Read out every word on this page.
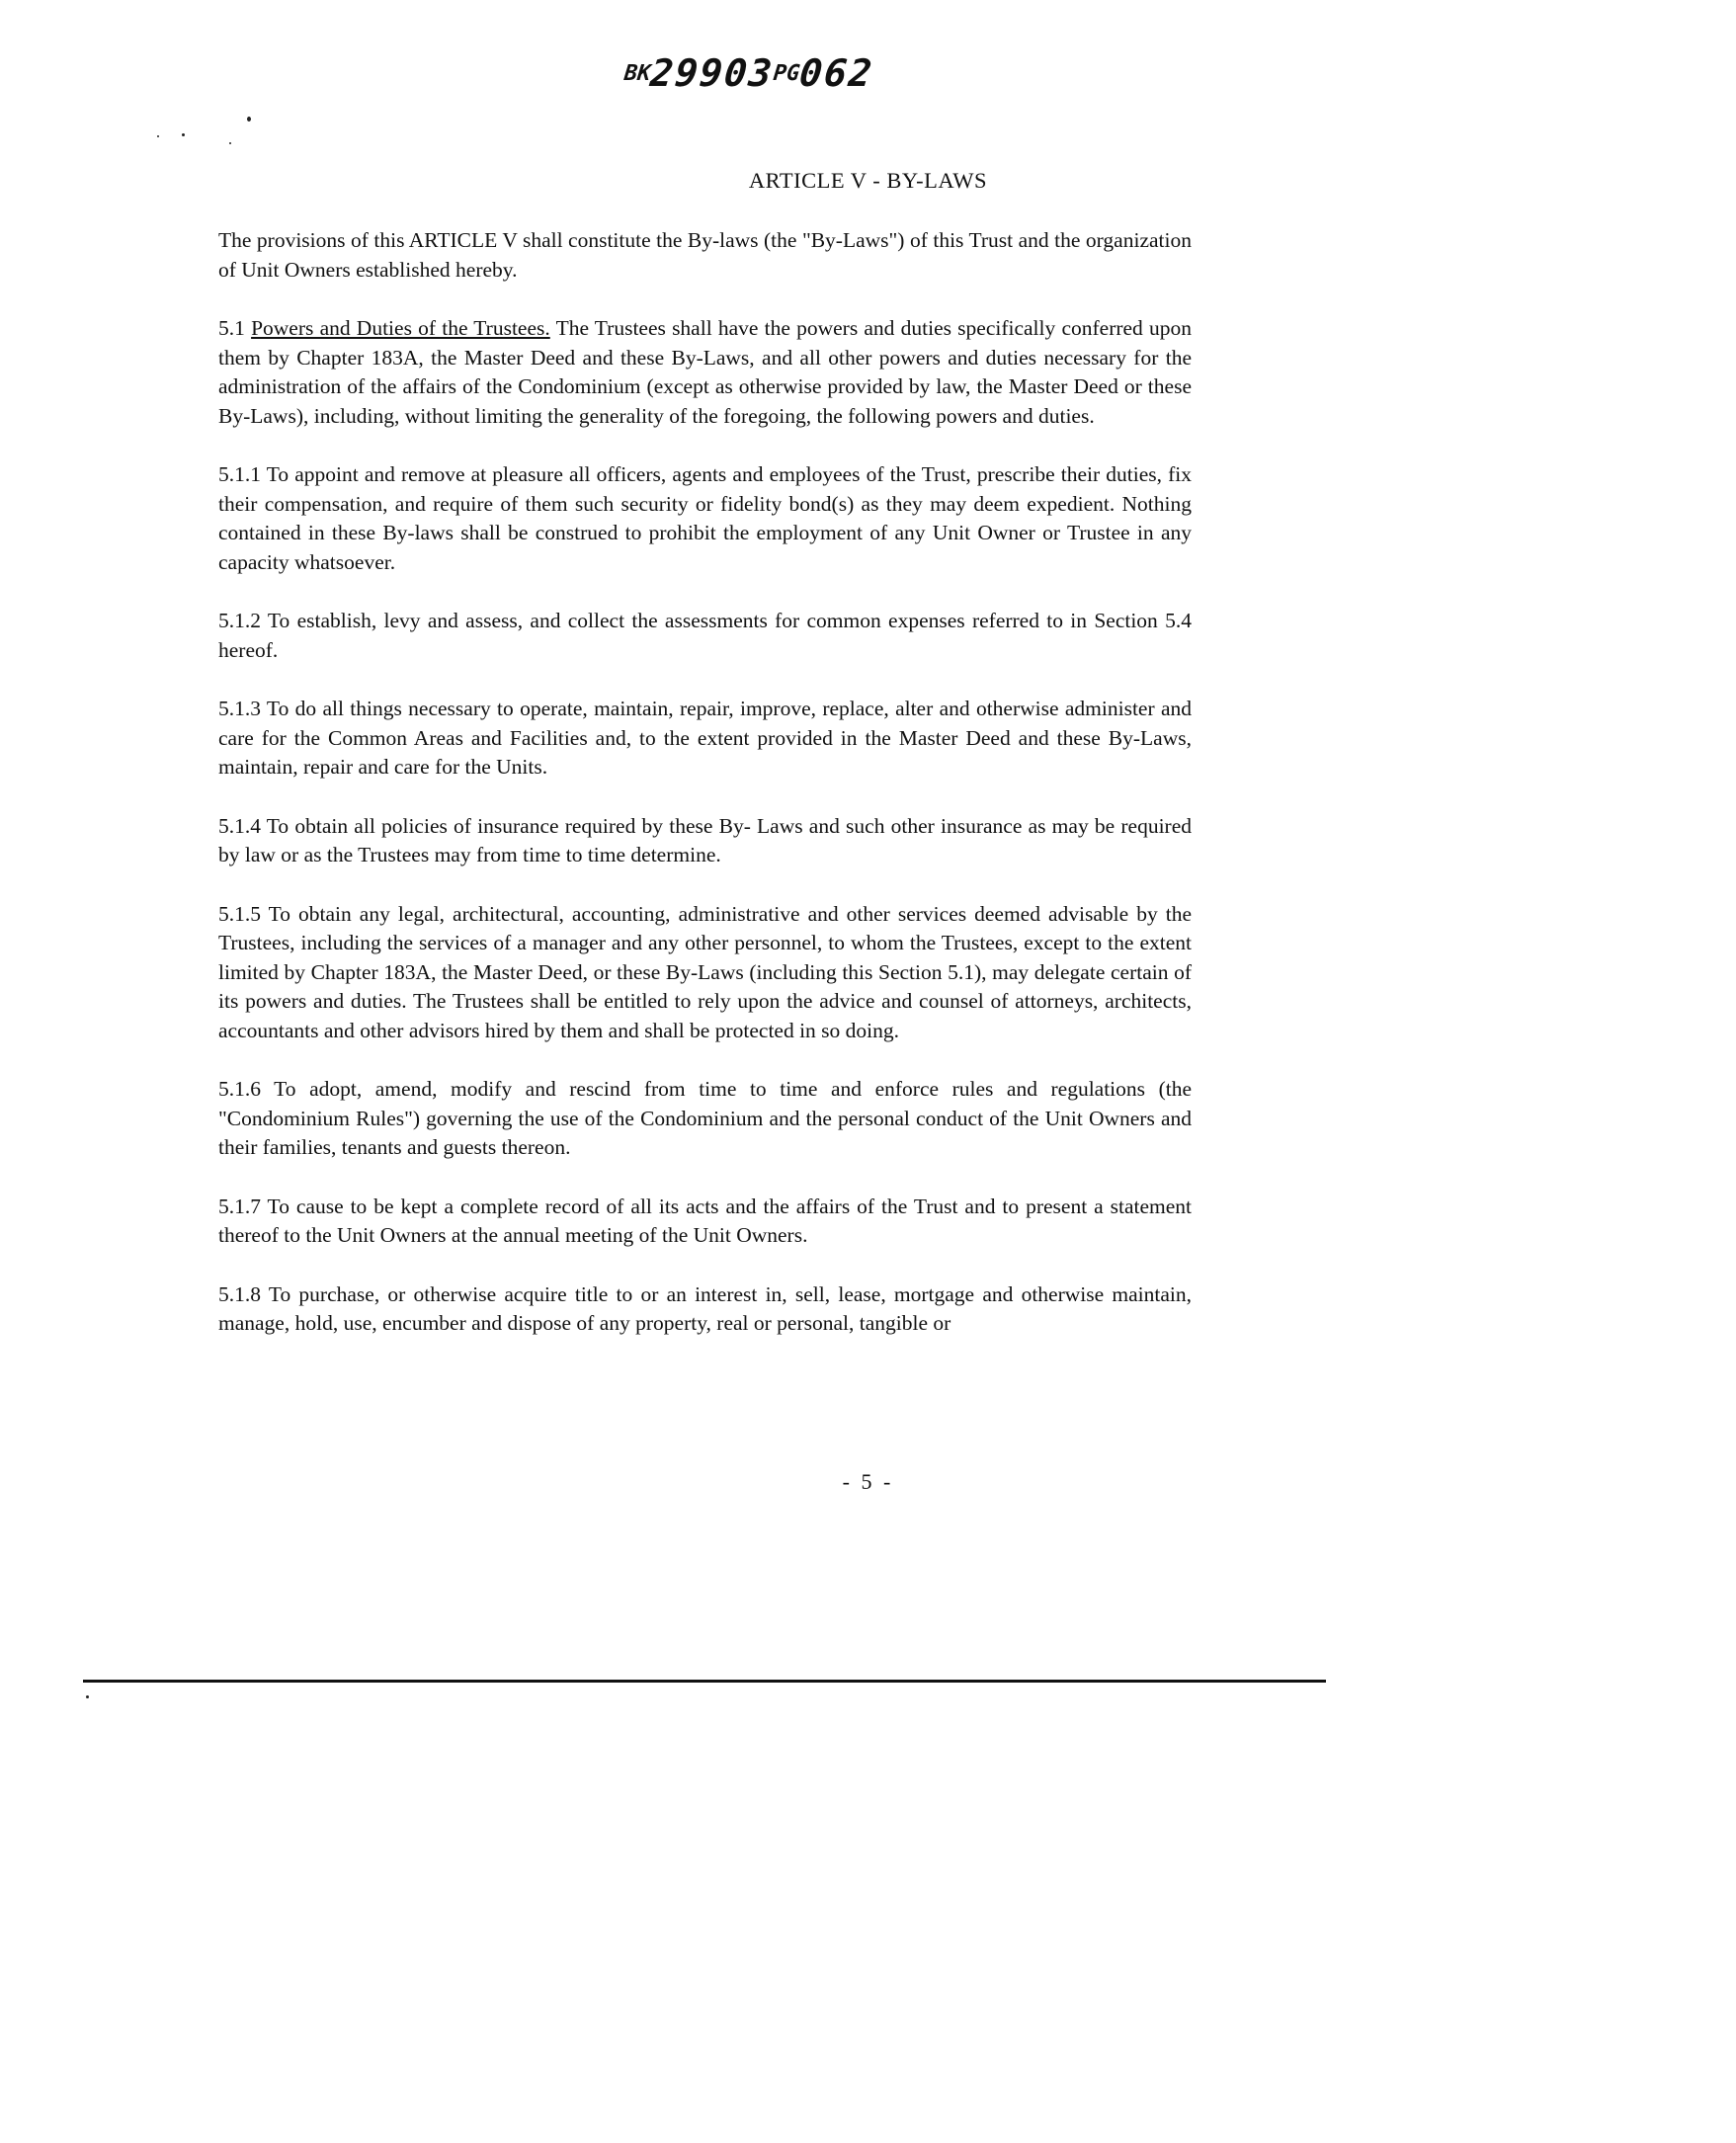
BK29903PG062
ARTICLE V - BY-LAWS

The provisions of this ARTICLE V shall constitute the By-laws (the "By-Laws") of this Trust and the organization of Unit Owners established hereby.

5.1 Powers and Duties of the Trustees. The Trustees shall have the powers and duties specifically conferred upon them by Chapter 183A, the Master Deed and these By-Laws, and all other powers and duties necessary for the administration of the affairs of the Condominium (except as otherwise provided by law, the Master Deed or these By-Laws), including, without limiting the generality of the foregoing, the following powers and duties.

5.1.1 To appoint and remove at pleasure all officers, agents and employees of the Trust, prescribe their duties, fix their compensation, and require of them such security or fidelity bond(s) as they may deem expedient. Nothing contained in these By-laws shall be construed to prohibit the employment of any Unit Owner or Trustee in any capacity whatsoever.

5.1.2 To establish, levy and assess, and collect the assessments for common expenses referred to in Section 5.4 hereof.

5.1.3 To do all things necessary to operate, maintain, repair, improve, replace, alter and otherwise administer and care for the Common Areas and Facilities and, to the extent provided in the Master Deed and these By-Laws, maintain, repair and care for the Units.

5.1.4 To obtain all policies of insurance required by these By- Laws and such other insurance as may be required by law or as the Trustees may from time to time determine.

5.1.5 To obtain any legal, architectural, accounting, administrative and other services deemed advisable by the Trustees, including the services of a manager and any other personnel, to whom the Trustees, except to the extent limited by Chapter 183A, the Master Deed, or these By-Laws (including this Section 5.1), may delegate certain of its powers and duties. The Trustees shall be entitled to rely upon the advice and counsel of attorneys, architects, accountants and other advisors hired by them and shall be protected in so doing.

5.1.6 To adopt, amend, modify and rescind from time to time and enforce rules and regulations (the "Condominium Rules") governing the use of the Condominium and the personal conduct of the Unit Owners and their families, tenants and guests thereon.

5.1.7 To cause to be kept a complete record of all its acts and the affairs of the Trust and to present a statement thereof to the Unit Owners at the annual meeting of the Unit Owners.

5.1.8 To purchase, or otherwise acquire title to or an interest in, sell, lease, mortgage and otherwise maintain, manage, hold, use, encumber and dispose of any property, real or personal, tangible or

- 5 -
